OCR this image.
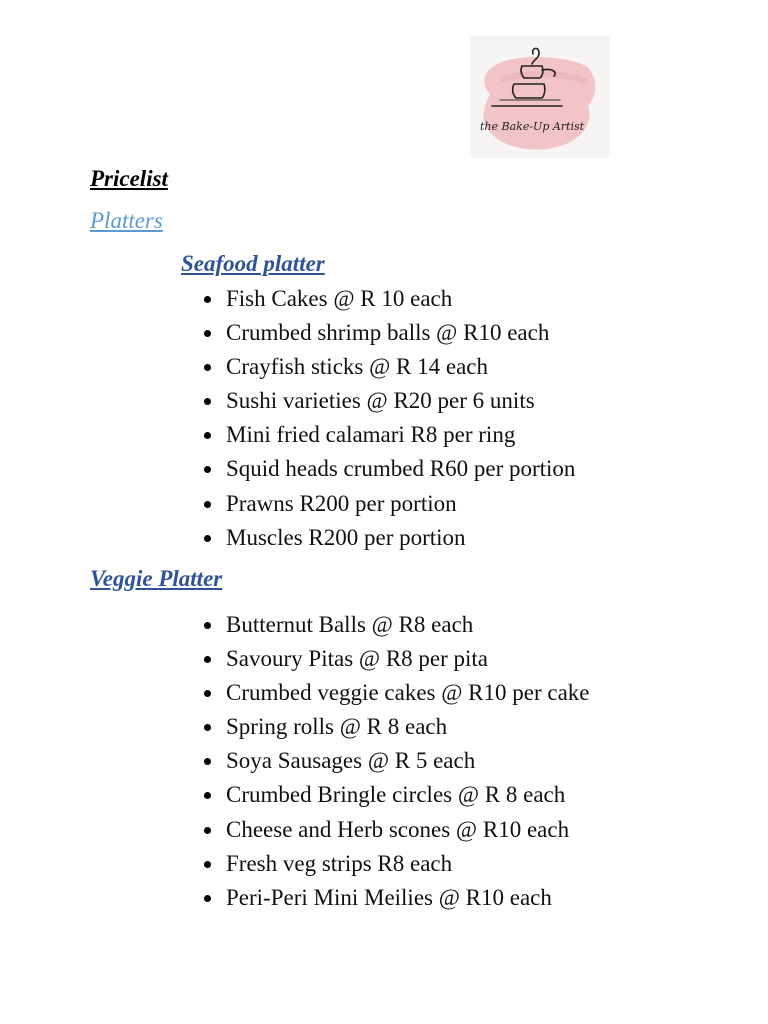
the Bake-Up Artist
Pricelist
Platters
Seafood platter
Fish Cakes @ R 10 each
Crumbed shrimp balls @ R10 each
Crayfish sticks @ R 14 each
Sushi varieties @ R20 per 6 units
Mini fried calamari R8 per ring
Squid heads crumbed R60 per portion
Prawns R200 per portion
Muscles R200 per portion
Veggie Platter
Butternut Balls @ R8 each
Savoury Pitas @ R8 per pita
Crumbed veggie cakes @ R10 per cake
Spring rolls @ R 8 each
Soya Sausages @ R 5 each
Crumbed Bringle circles @ R 8 each
Cheese and Herb scones @ R10 each
Fresh veg strips R8 each
Peri-Peri Mini Meilies @ R10 each
